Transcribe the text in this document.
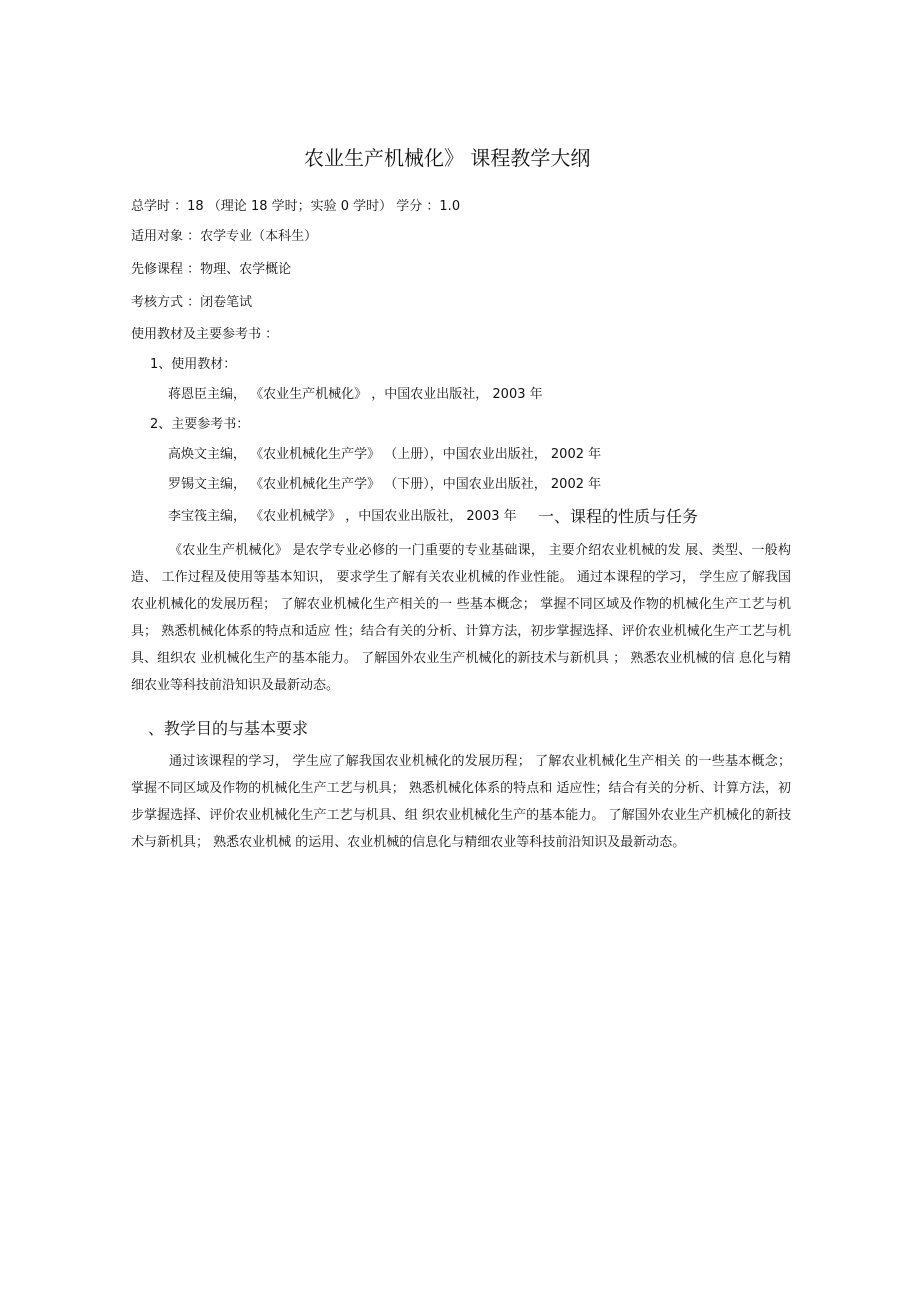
农业生产机械化》 课程教学大纲
总学时 ：18 （理论 18 学时；实验 0 学时） 学分 ：1.0
适用对象 ：农学专业（本科生）
先修课程 ：物理、农学概论
考核方式 ：闭卷笔试
使用教材及主要参考书 ：
1、使用教材：
蒋恩臣主编， 《农业生产机械化》 ，中国农业出版社， 2003 年
2、主要参考书：
高焕文主编， 《农业机械化生产学》 （上册），中国农业出版社， 2002 年
罗锡文主编， 《农业机械化生产学》 （下册），中国农业出版社， 2002 年
李宝筏主编， 《农业机械学》 ，中国农业出版社， 2003 年 一、课程的性质与任务
《农业生产机械化》 是农学专业必修的一门重要的专业基础课， 主要介绍农业机械的发 展、类型、一般构造、 工作过程及使用等基本知识， 要求学生了解有关农业机械的作业性能。 通过本课程的学习， 学生应了解我国农业机械化的发展历程； 了解农业机械化生产相关的一 些基本概念； 掌握不同区域及作物的机械化生产工艺与机具； 熟悉机械化体系的特点和适应 性；结合有关的分析、计算方法，初步掌握选择、评价农业机械化生产工艺与机具、组织农 业机械化生产的基本能力。 了解国外农业生产机械化的新技术与新机具 ； 熟悉农业机械的信 息化与精细农业等科技前沿知识及最新动态。
、教学目的与基本要求
通过该课程的学习， 学生应了解我国农业机械化的发展历程； 了解农业机械化生产相关 的一些基本概念； 掌握不同区域及作物的机械化生产工艺与机具； 熟悉机械化体系的特点和 适应性；结合有关的分析、计算方法，初步掌握选择、评价农业机械化生产工艺与机具、组 织农业机械化生产的基本能力。 了解国外农业生产机械化的新技术与新机具； 熟悉农业机械 的运用、农业机械的信息化与精细农业等科技前沿知识及最新动态。
